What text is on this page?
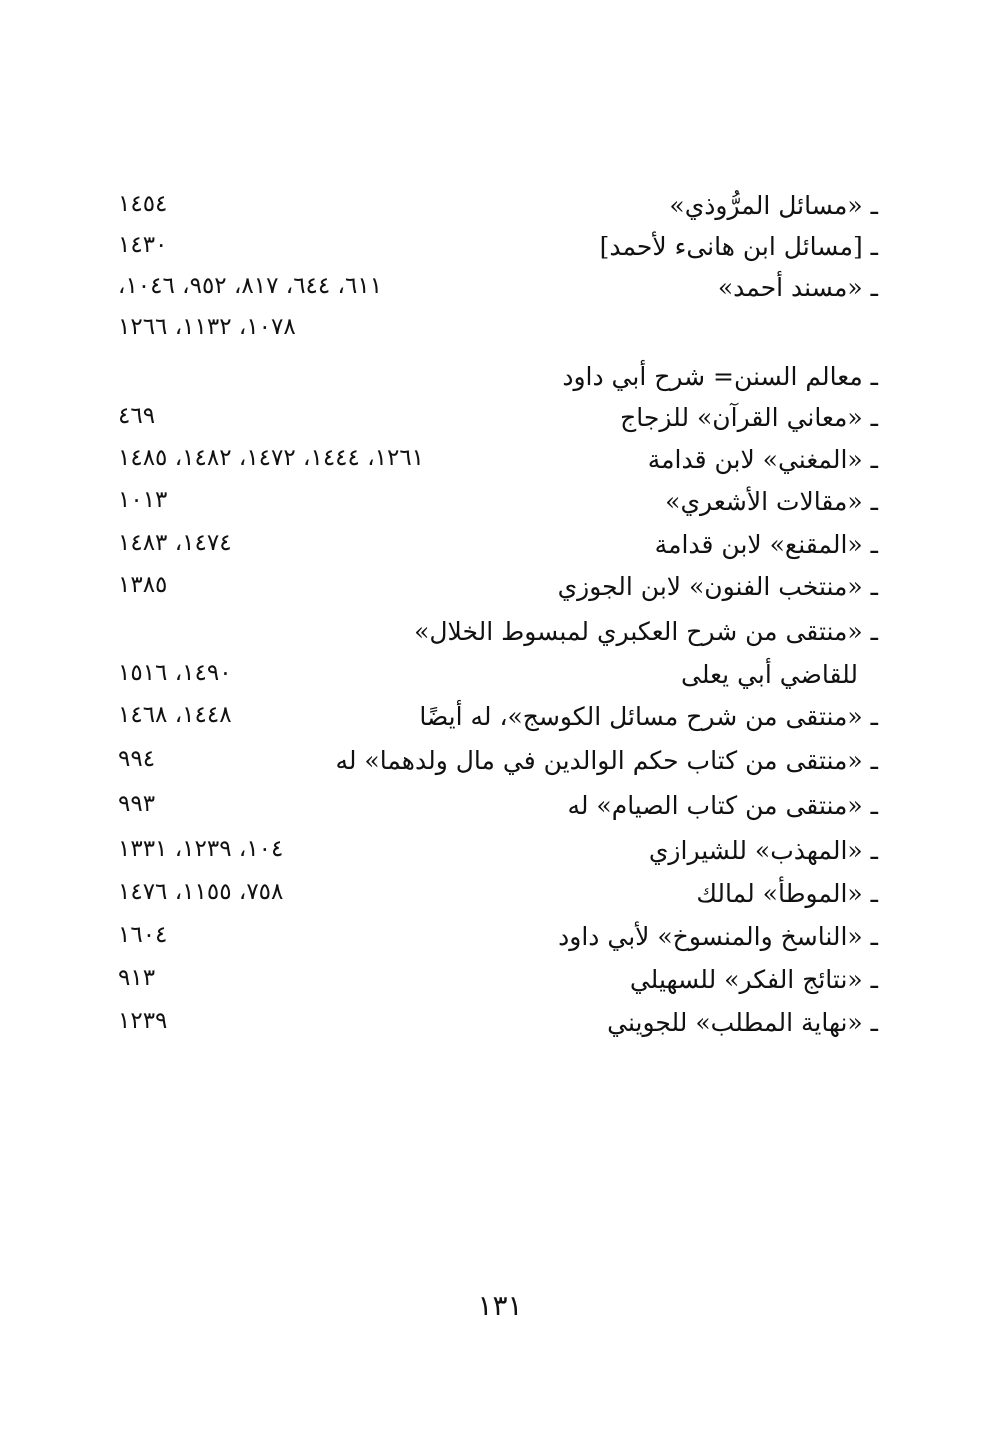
ـ «مسائل المرُّوذي»
١٤٥٤
ـ [مسائل ابن هانىء لأحمد]
١٤٣٠
ـ «مسند أحمد»
٦١١، ٦٤٤، ٨١٧، ٩٥٢، ١٠٤٦،
١٠٧٨، ١١٣٢، ١٢٦٦
ـ معالم السنن= شرح أبي داود
ـ «معاني القرآن» للزجاج
٤٦٩
ـ «المغني» لابن قدامة
١٢٦١، ١٤٤٤، ١٤٧٢، ١٤٨٢، ١٤٨٥
ـ «مقالات الأشعري»
١٠١٣
ـ «المقنع» لابن قدامة
١٤٧٤، ١٤٨٣
ـ «منتخب الفنون» لابن الجوزي
١٣٨٥
ـ «منتقى من شرح العكبري لمبسوط الخلال»
للقاضي أبي يعلى
١٤٩٠، ١٥١٦
ـ «منتقى من شرح مسائل الكوسج»، له أيضًا
١٤٤٨، ١٤٦٨
ـ «منتقى من كتاب حكم الوالدين في مال ولدهما» له
٩٩٤
ـ «منتقى من كتاب الصيام» له
٩٩٣
ـ «المهذب» للشيرازي
١٠٤، ١٢٣٩، ١٣٣١
ـ «الموطأ» لمالك
٧٥٨، ١١٥٥، ١٤٧٦
ـ «الناسخ والمنسوخ» لأبي داود
١٦٠٤
ـ «نتائج الفكر» للسهيلي
٩١٣
ـ «نهاية المطلب» للجويني
١٢٣٩
١٣١
